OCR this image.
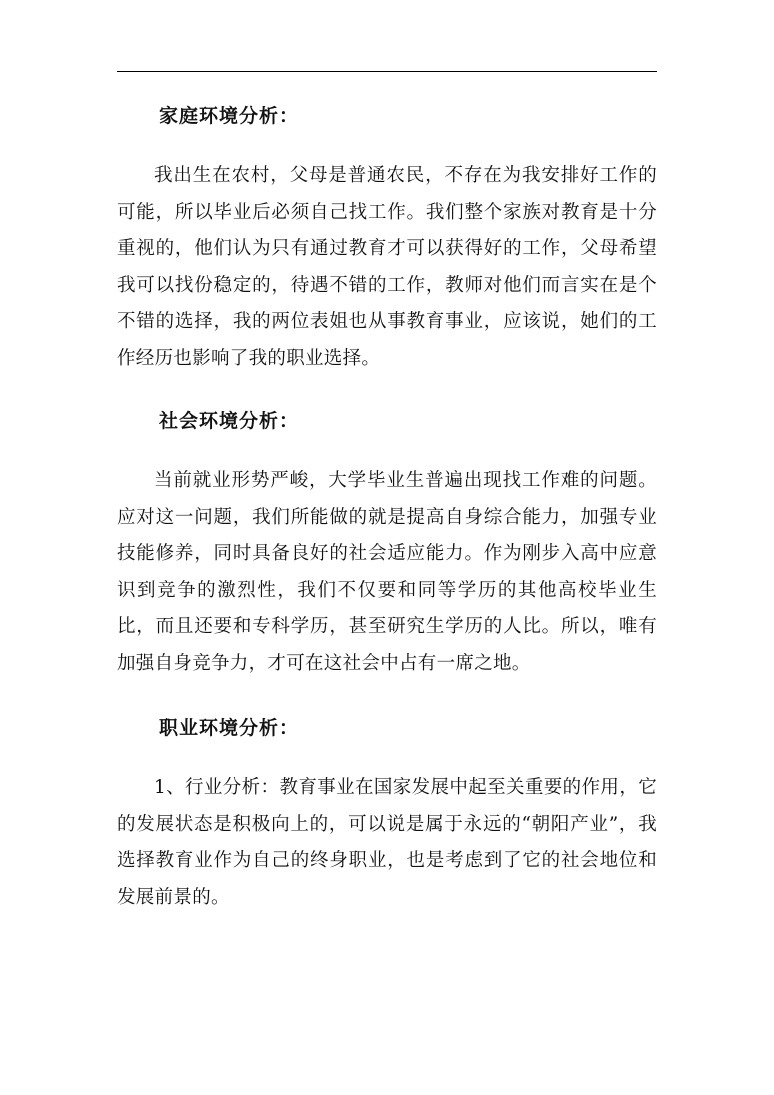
家庭环境分析：

我出生在农村，父母是普通农民，不存在为我安排好工作的可能，所以毕业后必须自己找工作。我们整个家族对教育是十分重视的，他们认为只有通过教育才可以获得好的工作，父母希望我可以找份稳定的，待遇不错的工作，教师对他们而言实在是个不错的选择，我的两位表姐也从事教育事业，应该说，她们的工作经历也影响了我的职业选择。

社会环境分析：

当前就业形势严峻，大学毕业生普遍出现找工作难的问题。应对这一问题，我们所能做的就是提高自身综合能力，加强专业技能修养，同时具备良好的社会适应能力。作为刚步入高中应意识到竞争的激烈性，我们不仅要和同等学历的其他高校毕业生比，而且还要和专科学历，甚至研究生学历的人比。所以，唯有加强自身竞争力，才可在这社会中占有一席之地。

职业环境分析：

1、行业分析：教育事业在国家发展中起至关重要的作用，它的发展状态是积极向上的，可以说是属于永远的“朝阳产业”，我选择教育业作为自己的终身职业，也是考虑到了它的社会地位和发展前景的。
